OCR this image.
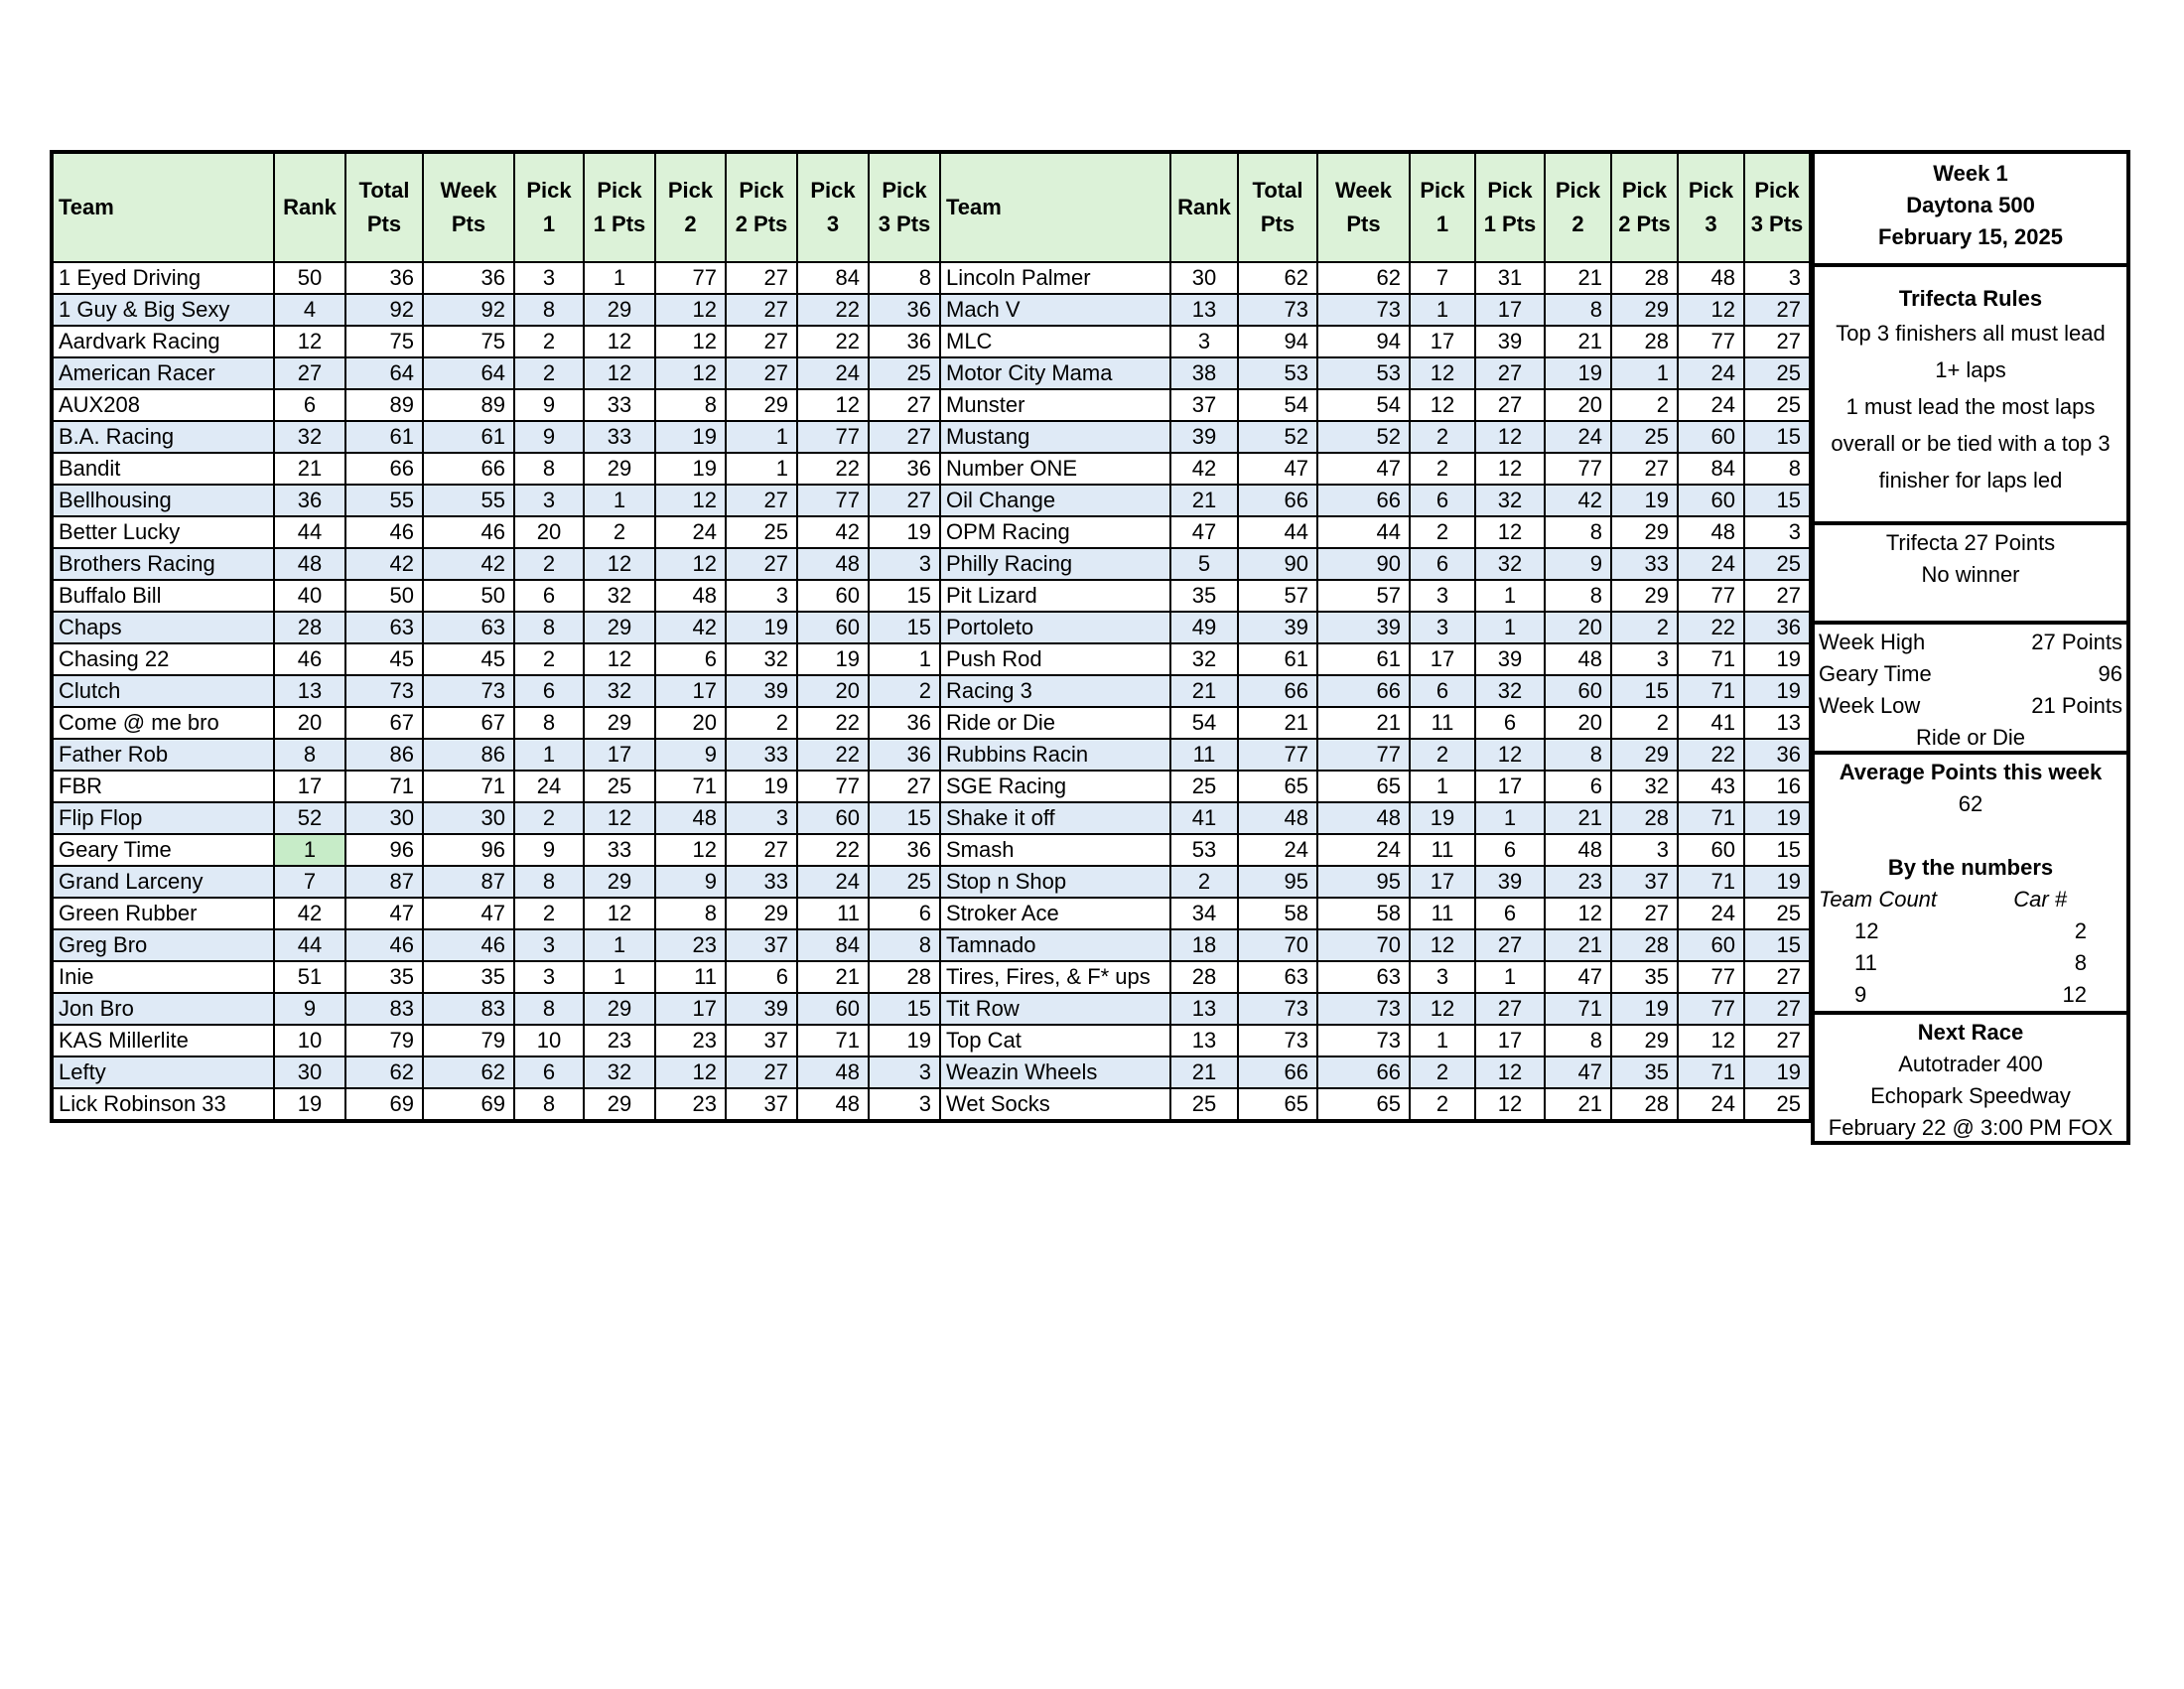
Team	Rank	Total Pts	Week Pts	Pick 1	Pick 1 Pts	Pick 2	Pick 2 Pts	Pick 3	Pick 3 Pts	Team	Rank	Total Pts	Week Pts	Pick 1	Pick 1 Pts	Pick 2	Pick 2 Pts	Pick 3	Pick 3 Pts
1 Eyed Driving	50	36	36	3	1	77	27	84	8	Lincoln Palmer	30	62	62	7	31	21	28	48	3
1 Guy & Big Sexy	4	92	92	8	29	12	27	22	36	Mach V	13	73	73	1	17	8	29	12	27
Aardvark Racing	12	75	75	2	12	12	27	22	36	MLC	3	94	94	17	39	21	28	77	27
American Racer	27	64	64	2	12	12	27	24	25	Motor City Mama	38	53	53	12	27	19	1	24	25
AUX208	6	89	89	9	33	8	29	12	27	Munster	37	54	54	12	27	20	2	24	25
B.A. Racing	32	61	61	9	33	19	1	77	27	Mustang	39	52	52	2	12	24	25	60	15
Bandit	21	66	66	8	29	19	1	22	36	Number ONE	42	47	47	2	12	77	27	84	8
Bellhousing	36	55	55	3	1	12	27	77	27	Oil Change	21	66	66	6	32	42	19	60	15
Better Lucky	44	46	46	20	2	24	25	42	19	OPM Racing	47	44	44	2	12	8	29	48	3
Brothers Racing	48	42	42	2	12	12	27	48	3	Philly Racing	5	90	90	6	32	9	33	24	25
Buffalo Bill	40	50	50	6	32	48	3	60	15	Pit Lizard	35	57	57	3	1	8	29	77	27
Chaps	28	63	63	8	29	42	19	60	15	Portoleto	49	39	39	3	1	20	2	22	36
Chasing 22	46	45	45	2	12	6	32	19	1	Push Rod	32	61	61	17	39	48	3	71	19
Clutch	13	73	73	6	32	17	39	20	2	Racing 3	21	66	66	6	32	60	15	71	19
Come @ me bro	20	67	67	8	29	20	2	22	36	Ride or Die	54	21	21	11	6	20	2	41	13
Father Rob	8	86	86	1	17	9	33	22	36	Rubbins Racin	11	77	77	2	12	8	29	22	36
FBR	17	71	71	24	25	71	19	77	27	SGE Racing	25	65	65	1	17	6	32	43	16
Flip Flop	52	30	30	2	12	48	3	60	15	Shake it off	41	48	48	19	1	21	28	71	19
Geary Time	1	96	96	9	33	12	27	22	36	Smash	53	24	24	11	6	48	3	60	15
Grand Larceny	7	87	87	8	29	9	33	24	25	Stop n Shop	2	95	95	17	39	23	37	71	19
Green Rubber	42	47	47	2	12	8	29	11	6	Stroker Ace	34	58	58	11	6	12	27	24	25
Greg Bro	44	46	46	3	1	23	37	84	8	Tamnado	18	70	70	12	27	21	28	60	15
Inie	51	35	35	3	1	11	6	21	28	Tires, Fires, & F* ups	28	63	63	3	1	47	35	77	27
Jon Bro	9	83	83	8	29	17	39	60	15	Tit Row	13	73	73	12	27	71	19	77	27
KAS Millerlite	10	79	79	10	23	23	37	71	19	Top Cat	13	73	73	1	17	8	29	12	27
Lefty	30	62	62	6	32	12	27	48	3	Weazin Wheels	21	66	66	2	12	47	35	71	19
Lick Robinson 33	19	69	69	8	29	23	37	48	3	Wet Socks	25	65	65	2	12	21	28	24	25
Week 1
Daytona 500
February 15, 2025
Trifecta Rules
Top 3 finishers all must lead
1+ laps
1 must lead the most laps
overall or be tied with a top 3
finisher for laps led
Trifecta 27 Points
No winner
Week High	27 Points
Geary Time	96
Week Low	21 Points
Ride or Die
Average Points this week
62
By the numbers
Team Count	Car #
12	2
11	8
9	12
Next Race
Autotrader 400
Echopark Speedway
February 22 @ 3:00 PM FOX
